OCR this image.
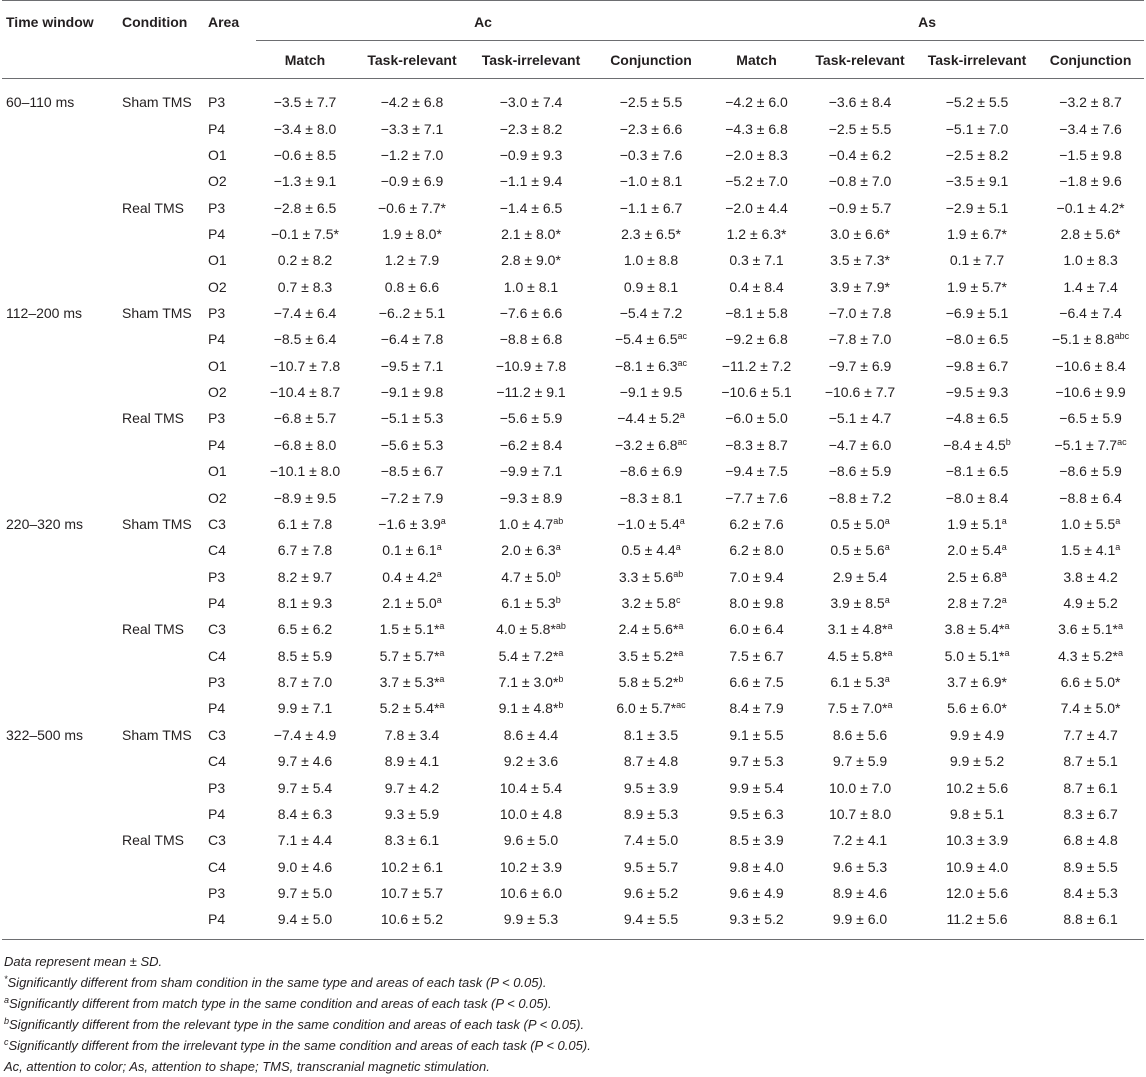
Time window	Condition	Area	Ac				As			
			Match	Task-relevant	Task-irrelevant	Conjunction	Match	Task-relevant	Task-irrelevant	Conjunction

60–110 ms	Sham TMS	P3	−3.5 ± 7.7	−4.2 ± 6.8	−3.0 ± 7.4	−2.5 ± 5.5	−4.2 ± 6.0	−3.6 ± 8.4	−5.2 ± 5.5	−3.2 ± 8.7
		P4	−3.4 ± 8.0	−3.3 ± 7.1	−2.3 ± 8.2	−2.3 ± 6.6	−4.3 ± 6.8	−2.5 ± 5.5	−5.1 ± 7.0	−3.4 ± 7.6
		O1	−0.6 ± 8.5	−1.2 ± 7.0	−0.9 ± 9.3	−0.3 ± 7.6	−2.0 ± 8.3	−0.4 ± 6.2	−2.5 ± 8.2	−1.5 ± 9.8
		O2	−1.3 ± 9.1	−0.9 ± 6.9	−1.1 ± 9.4	−1.0 ± 8.1	−5.2 ± 7.0	−0.8 ± 7.0	−3.5 ± 9.1	−1.8 ± 9.6
	Real TMS	P3	−2.8 ± 6.5	−0.6 ± 7.7*	−1.4 ± 6.5	−1.1 ± 6.7	−2.0 ± 4.4	−0.9 ± 5.7	−2.9 ± 5.1	−0.1 ± 4.2*
		P4	−0.1 ± 7.5*	1.9 ± 8.0*	2.1 ± 8.0*	2.3 ± 6.5*	1.2 ± 6.3*	3.0 ± 6.6*	1.9 ± 6.7*	2.8 ± 5.6*
		O1	0.2 ± 8.2	1.2 ± 7.9	2.8 ± 9.0*	1.0 ± 8.8	0.3 ± 7.1	3.5 ± 7.3*	0.1 ± 7.7	1.0 ± 8.3
		O2	0.7 ± 8.3	0.8 ± 6.6	1.0 ± 8.1	0.9 ± 8.1	0.4 ± 8.4	3.9 ± 7.9*	1.9 ± 5.7*	1.4 ± 7.4
112–200 ms	Sham TMS	P3	−7.4 ± 6.4	−6..2 ± 5.1	−7.6 ± 6.6	−5.4 ± 7.2	−8.1 ± 5.8	−7.0 ± 7.8	−6.9 ± 5.1	−6.4 ± 7.4
		P4	−8.5 ± 6.4	−6.4 ± 7.8	−8.8 ± 6.8	−5.4 ± 6.5$^{ac}$	−9.2 ± 6.8	−7.8 ± 7.0	−8.0 ± 6.5	−5.1 ± 8.8$^{abc}$
		O1	−10.7 ± 7.8	−9.5 ± 7.1	−10.9 ± 7.8	−8.1 ± 6.3$^{ac}$	−11.2 ± 7.2	−9.7 ± 6.9	−9.8 ± 6.7	−10.6 ± 8.4
		O2	−10.4 ± 8.7	−9.1 ± 9.8	−11.2 ± 9.1	−9.1 ± 9.5	−10.6 ± 5.1	−10.6 ± 7.7	−9.5 ± 9.3	−10.6 ± 9.9
	Real TMS	P3	−6.8 ± 5.7	−5.1 ± 5.3	−5.6 ± 5.9	−4.4 ± 5.2$^a$	−6.0 ± 5.0	−5.1 ± 4.7	−4.8 ± 6.5	−6.5 ± 5.9
		P4	−6.8 ± 8.0	−5.6 ± 5.3	−6.2 ± 8.4	−3.2 ± 6.8$^{ac}$	−8.3 ± 8.7	−4.7 ± 6.0	−8.4 ± 4.5$^b$	−5.1 ± 7.7$^{ac}$
		O1	−10.1 ± 8.0	−8.5 ± 6.7	−9.9 ± 7.1	−8.6 ± 6.9	−9.4 ± 7.5	−8.6 ± 5.9	−8.1 ± 6.5	−8.6 ± 5.9
		O2	−8.9 ± 9.5	−7.2 ± 7.9	−9.3 ± 8.9	−8.3 ± 8.1	−7.7 ± 7.6	−8.8 ± 7.2	−8.0 ± 8.4	−8.8 ± 6.4
220–320 ms	Sham TMS	C3	6.1 ± 7.8	−1.6 ± 3.9$^a$	1.0 ± 4.7$^{ab}$	−1.0 ± 5.4$^a$	6.2 ± 7.6	0.5 ± 5.0$^a$	1.9 ± 5.1$^a$	1.0 ± 5.5$^a$
		C4	6.7 ± 7.8	0.1 ± 6.1$^a$	2.0 ± 6.3$^a$	0.5 ± 4.4$^a$	6.2 ± 8.0	0.5 ± 5.6$^a$	2.0 ± 5.4$^a$	1.5 ± 4.1$^a$
		P3	8.2 ± 9.7	0.4 ± 4.2$^a$	4.7 ± 5.0$^b$	3.3 ± 5.6$^{ab}$	7.0 ± 9.4	2.9 ± 5.4	2.5 ± 6.8$^a$	3.8 ± 4.2
		P4	8.1 ± 9.3	2.1 ± 5.0$^a$	6.1 ± 5.3$^b$	3.2 ± 5.8$^c$	8.0 ± 9.8	3.9 ± 8.5$^a$	2.8 ± 7.2$^a$	4.9 ± 5.2
	Real TMS	C3	6.5 ± 6.2	1.5 ± 5.1*$^a$	4.0 ± 5.8*$^{ab}$	2.4 ± 5.6*$^a$	6.0 ± 6.4	3.1 ± 4.8*$^a$	3.8 ± 5.4*$^a$	3.6 ± 5.1*$^a$
		C4	8.5 ± 5.9	5.7 ± 5.7*$^a$	5.4 ± 7.2*$^a$	3.5 ± 5.2*$^a$	7.5 ± 6.7	4.5 ± 5.8*$^a$	5.0 ± 5.1*$^a$	4.3 ± 5.2*$^a$
		P3	8.7 ± 7.0	3.7 ± 5.3*$^a$	7.1 ± 3.0*$^b$	5.8 ± 5.2*$^b$	6.6 ± 7.5	6.1 ± 5.3$^a$	3.7 ± 6.9*	6.6 ± 5.0*
		P4	9.9 ± 7.1	5.2 ± 5.4*$^a$	9.1 ± 4.8*$^b$	6.0 ± 5.7*$^{ac}$	8.4 ± 7.9	7.5 ± 7.0*$^a$	5.6 ± 6.0*	7.4 ± 5.0*
322–500 ms	Sham TMS	C3	−7.4 ± 4.9	7.8 ± 3.4	8.6 ± 4.4	8.1 ± 3.5	9.1 ± 5.5	8.6 ± 5.6	9.9 ± 4.9	7.7 ± 4.7
		C4	9.7 ± 4.6	8.9 ± 4.1	9.2 ± 3.6	8.7 ± 4.8	9.7 ± 5.3	9.7 ± 5.9	9.9 ± 5.2	8.7 ± 5.1
		P3	9.7 ± 5.4	9.7 ± 4.2	10.4 ± 5.4	9.5 ± 3.9	9.9 ± 5.4	10.0 ± 7.0	10.2 ± 5.6	8.7 ± 6.1
		P4	8.4 ± 6.3	9.3 ± 5.9	10.0 ± 4.8	8.9 ± 5.3	9.5 ± 6.3	10.7 ± 8.0	9.8 ± 5.1	8.3 ± 6.7
	Real TMS	C3	7.1 ± 4.4	8.3 ± 6.1	9.6 ± 5.0	7.4 ± 5.0	8.5 ± 3.9	7.2 ± 4.1	10.3 ± 3.9	6.8 ± 4.8
		C4	9.0 ± 4.6	10.2 ± 6.1	10.2 ± 3.9	9.5 ± 5.7	9.8 ± 4.0	9.6 ± 5.3	10.9 ± 4.0	8.9 ± 5.5
		P3	9.7 ± 5.0	10.7 ± 5.7	10.6 ± 6.0	9.6 ± 5.2	9.6 ± 4.9	8.9 ± 4.6	12.0 ± 5.6	8.4 ± 5.3
		P4	9.4 ± 5.0	10.6 ± 5.2	9.9 ± 5.3	9.4 ± 5.5	9.3 ± 5.2	9.9 ± 6.0	11.2 ± 5.6	8.8 ± 6.1

Data represent mean ± SD.
*Significantly different from sham condition in the same type and areas of each task (P < 0.05).
$^a$Significantly different from match type in the same condition and areas of each task (P < 0.05).
$^b$Significantly different from the relevant type in the same condition and areas of each task (P < 0.05).
$^c$Significantly different from the irrelevant type in the same condition and areas of each task (P < 0.05).
Ac, attention to color; As, attention to shape; TMS, transcranial magnetic stimulation.
